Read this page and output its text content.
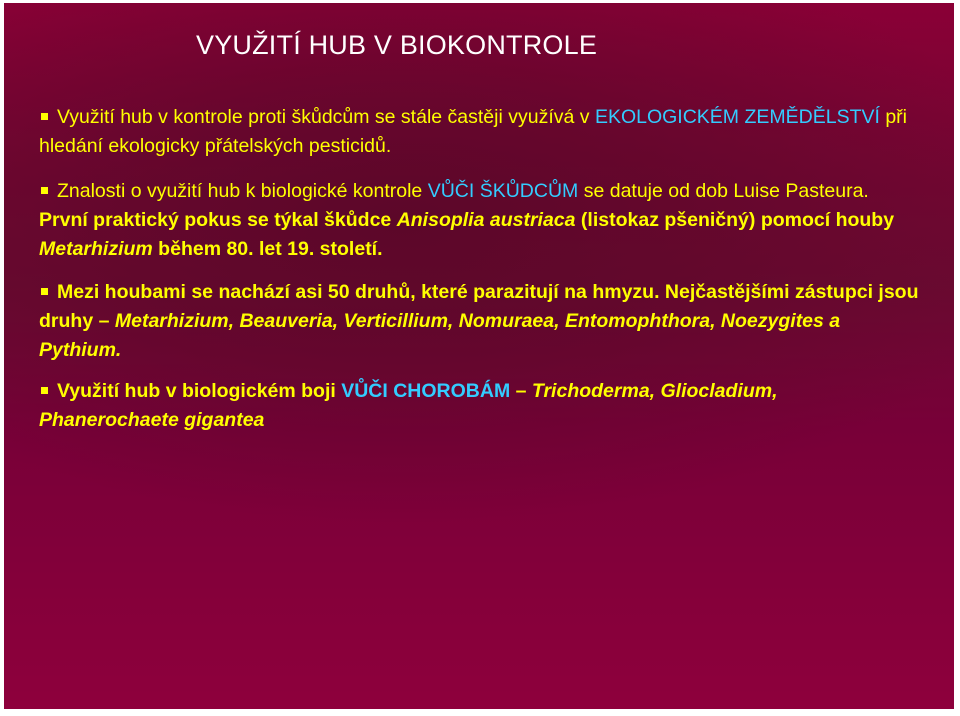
VYUŽITÍ HUB V BIOKONTROLE

Využití hub v kontrole proti škůdcům se stále častěji využívá v EKOLOGICKÉM ZEMĚDĚLSTVÍ při hledání ekologicky přátelských pesticidů.

Znalosti o využití hub k biologické kontrole VŮČI ŠKŮDCŮM se datuje od dob Luise Pasteura. První praktický pokus se týkal škůdce Anisoplia austriaca (listokaz pšeničný) pomocí houby Metarhizium během 80. let 19. století.

Mezi houbami se nachází asi 50 druhů, které parazitují na hmyzu. Nejčastějšími zástupci jsou druhy – Metarhizium, Beauveria, Verticillium, Nomuraea, Entomophthora, Noezygites a Pythium.

Využití hub v biologickém boji VŮČI CHOROBÁM – Trichoderma, Gliocladium, Phanerochaete gigantea
